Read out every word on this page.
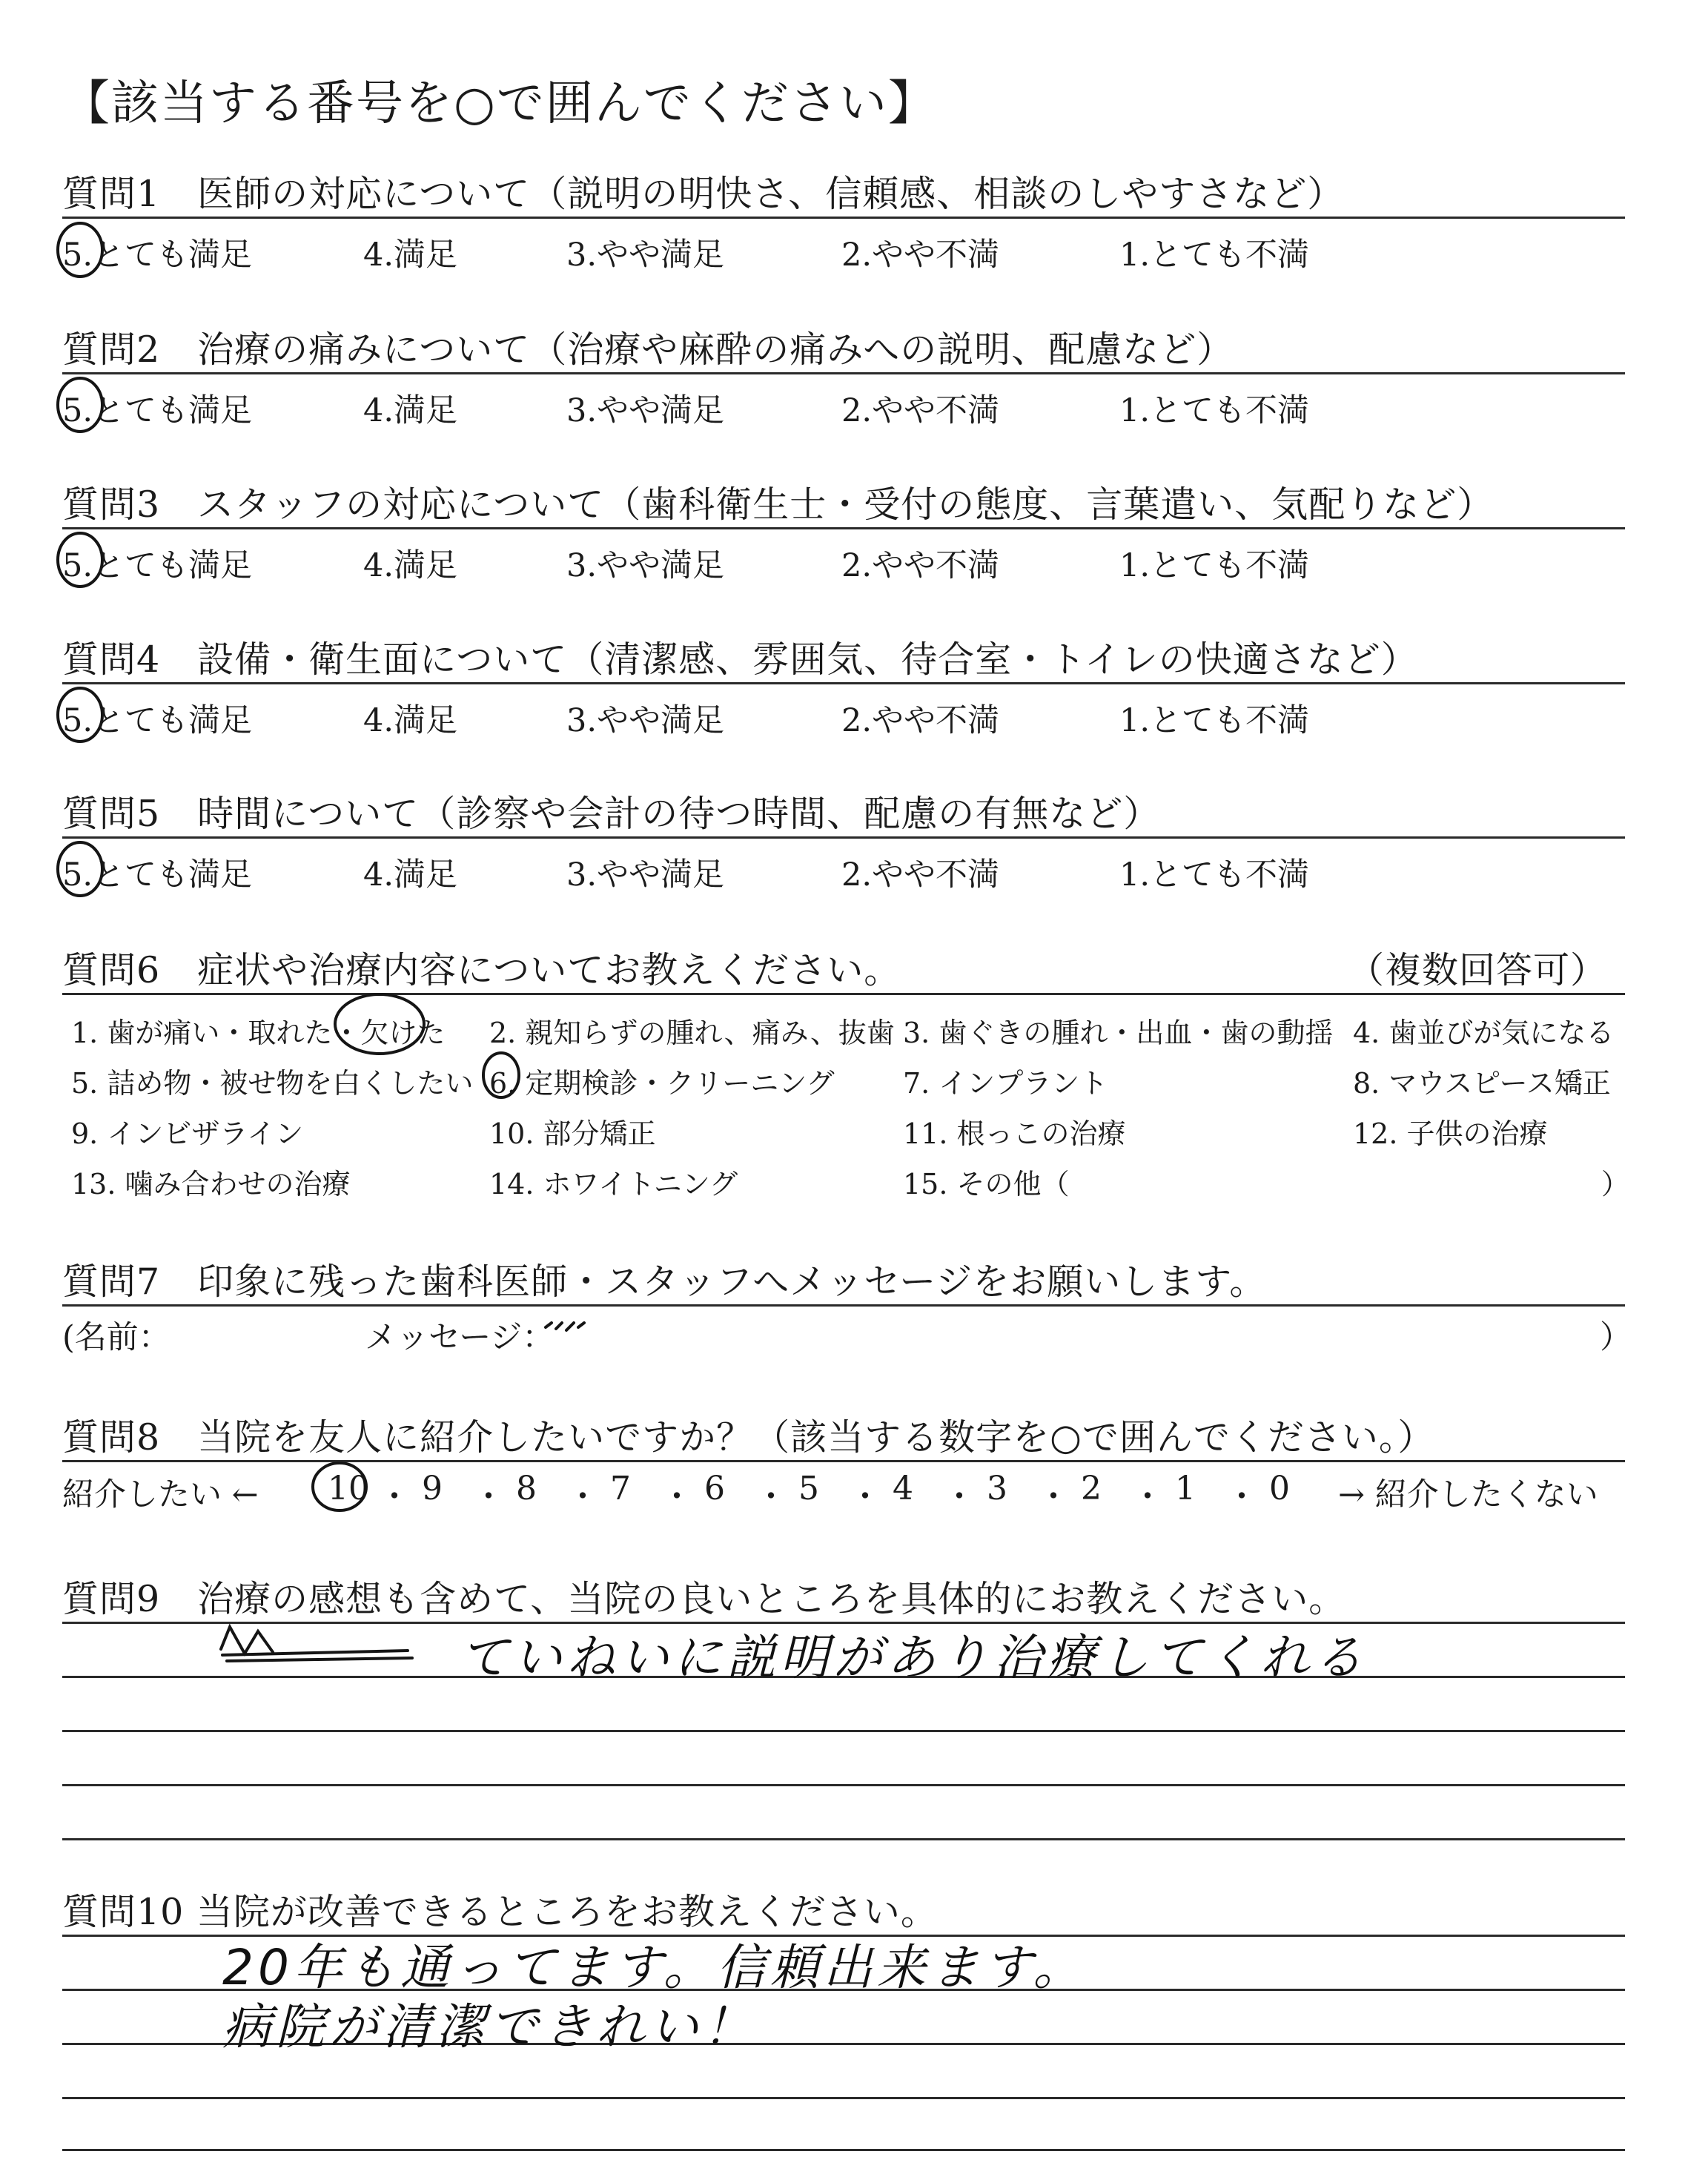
【該当する番号を○で囲んでください】
質問1　医師の対応について（説明の明快さ、信頼感、相談のしやすさなど）
5.とても満足	4.満足	3.やや満足	2.やや不満	1.とても不満
質問2　治療の痛みについて（治療や麻酔の痛みへの説明、配慮など）
5.とても満足	4.満足	3.やや満足	2.やや不満	1.とても不満
質問3　スタッフの対応について（歯科衛生士・受付の態度、言葉遣い、気配りなど）
5.とても満足	4.満足	3.やや満足	2.やや不満	1.とても不満
質問4　設備・衛生面について（清潔感、雰囲気、待合室・トイレの快適さなど）
5.とても満足	4.満足	3.やや満足	2.やや不満	1.とても不満
質問5　時間について（診察や会計の待つ時間、配慮の有無など）
5.とても満足	4.満足	3.やや満足	2.やや不満	1.とても不満
質問6　症状や治療内容についてお教えください。	（複数回答可）
1. 歯が痛い・取れた・欠けた 2. 親知らずの腫れ、痛み、抜歯 3. 歯ぐきの腫れ・出血・歯の動揺 4. 歯並びが気になる
5. 詰め物・被せ物を白くしたい 6. 定期検診・クリーニング 7. インプラント	8. マウスピース矯正
9. インビザライン	10. 部分矯正	11. 根っこの治療	12. 子供の治療
13. 噛み合わせの治療	14. ホワイトニング	15. その他（	）
質問7　印象に残った歯科医師・スタッフへメッセージをお願いします。
(名前：	メッセージ：	）
質問8　当院を友人に紹介したいですか？（該当する数字を○で囲んでください。）
紹介したい ←	→ 紹介したくない
10 ・ 9 ・ 8 ・ 7 ・ 6 ・ 5 ・ 4 ・ 3 ・ 2 ・ 1 ・ 0
質問9　治療の感想も含めて、当院の良いところを具体的にお教えください。
ていねいに説明があり治療してくれる
質問10 当院が改善できるところをお教えください。
20年も通ってます。信頼出来ます。
病院が清潔できれい！
